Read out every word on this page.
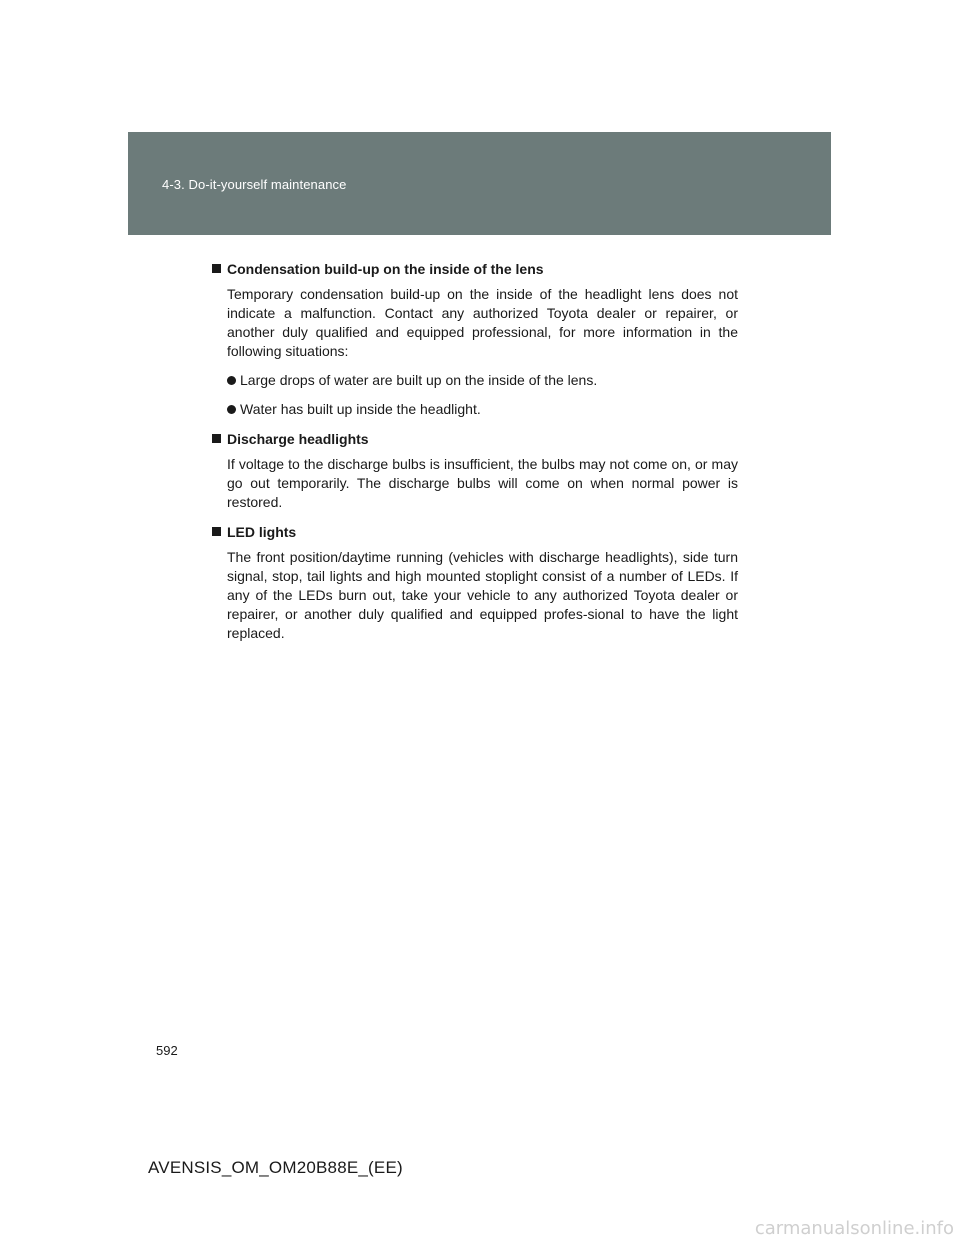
4-3. Do-it-yourself maintenance
Condensation build-up on the inside of the lens
Temporary condensation build-up on the inside of the headlight lens does not indicate a malfunction. Contact any authorized Toyota dealer or repairer, or another duly qualified and equipped professional, for more information in the following situations:
Large drops of water are built up on the inside of the lens.
Water has built up inside the headlight.
Discharge headlights
If voltage to the discharge bulbs is insufficient, the bulbs may not come on, or may go out temporarily. The discharge bulbs will come on when normal power is restored.
LED lights
The front position/daytime running (vehicles with discharge headlights), side turn signal, stop, tail lights and high mounted stoplight consist of a number of LEDs. If any of the LEDs burn out, take your vehicle to any authorized Toyota dealer or repairer, or another duly qualified and equipped profes-sional to have the light replaced.
592
AVENSIS_OM_OM20B88E_(EE)
carmanualsonline.info
